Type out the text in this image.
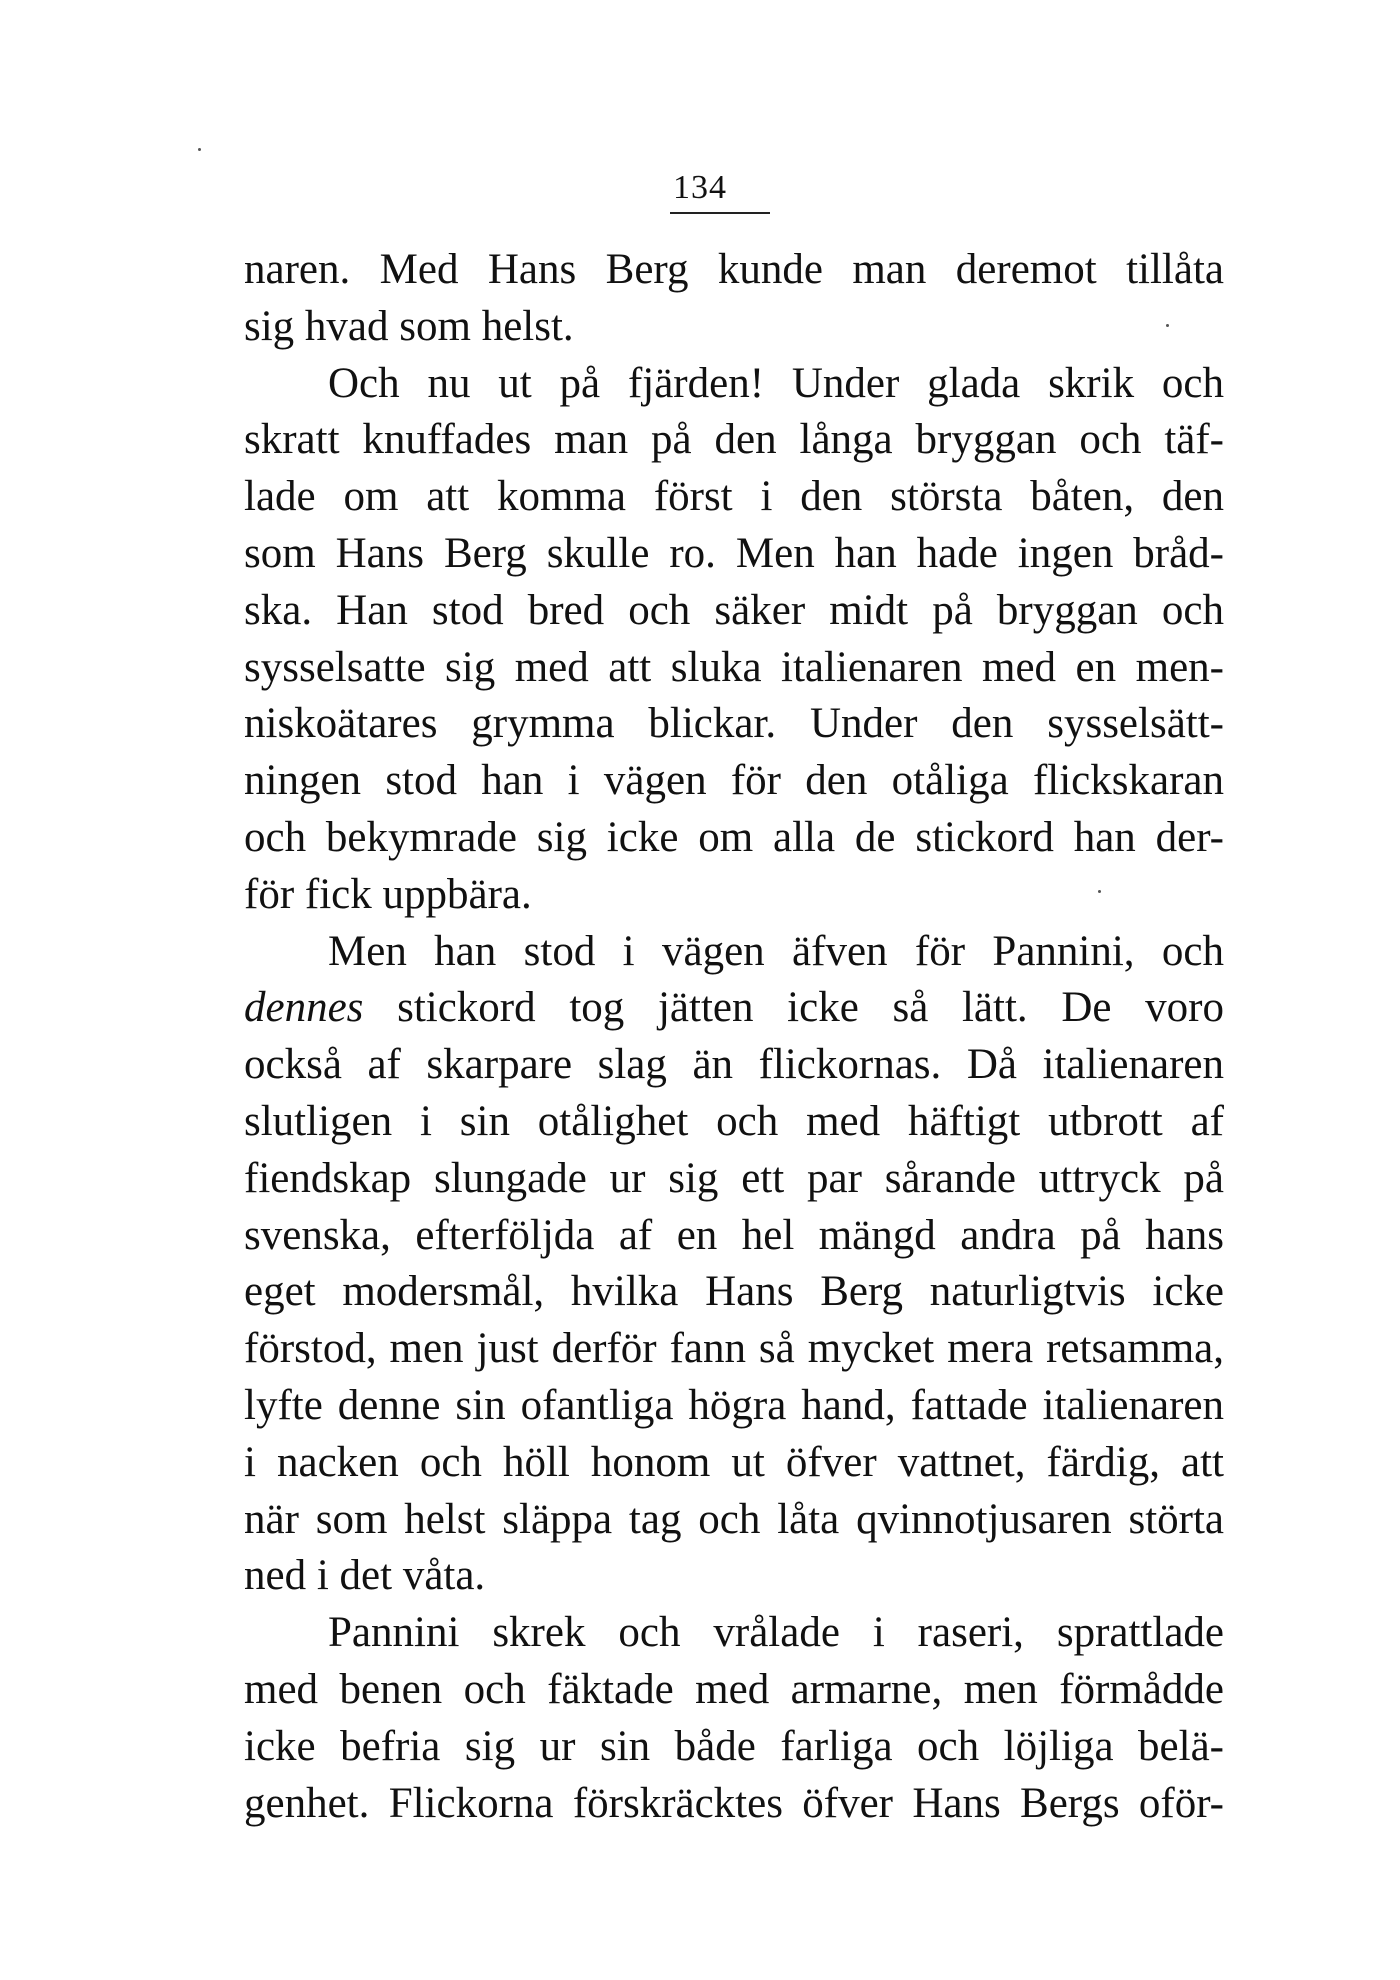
134
naren. Med Hans Berg kunde man deremot tillåta
sig hvad som helst.
Och nu ut på fjärden! Under glada skrik och
skratt knuffades man på den långa bryggan och täf-
lade om att komma först i den största båten, den
som Hans Berg skulle ro. Men han hade ingen bråd-
ska. Han stod bred och säker midt på bryggan och
sysselsatte sig med att sluka italienaren med en men-
niskoätares grymma blickar. Under den sysselsätt-
ningen stod han i vägen för den otåliga flickskaran
och bekymrade sig icke om alla de stickord han der-
för fick uppbära.
Men han stod i vägen äfven för Pannini, och
dennes stickord tog jätten icke så lätt. De voro
också af skarpare slag än flickornas. Då italienaren
slutligen i sin otålighet och med häftigt utbrott af
fiendskap slungade ur sig ett par sårande uttryck på
svenska, efterföljda af en hel mängd andra på hans
eget modersmål, hvilka Hans Berg naturligtvis icke
förstod, men just derför fann så mycket mera retsamma,
lyfte denne sin ofantliga högra hand, fattade italienaren
i nacken och höll honom ut öfver vattnet, färdig, att
när som helst släppa tag och låta qvinnotjusaren störta
ned i det våta.
Pannini skrek och vrålade i raseri, sprattlade
med benen och fäktade med armarne, men förmådde
icke befria sig ur sin både farliga och löjliga belä-
genhet. Flickorna förskräcktes öfver Hans Bergs oför-
